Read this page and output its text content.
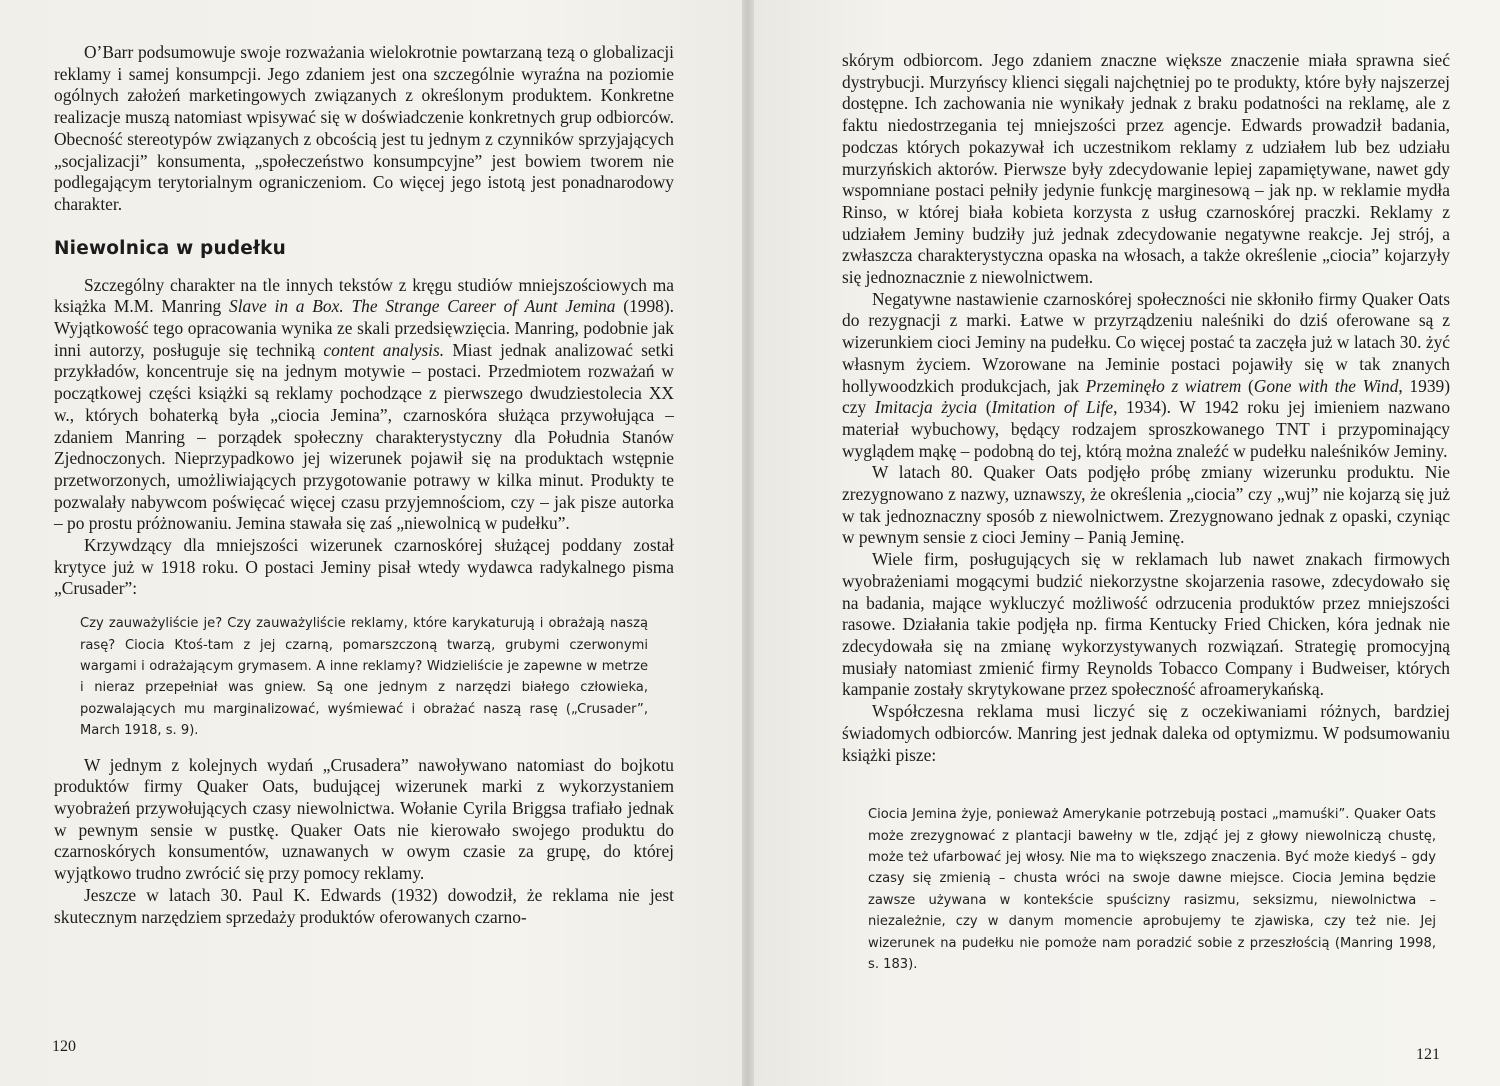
O’Barr podsumowuje swoje rozważania wielokrotnie powtarzaną tezą o globalizacji reklamy i samej konsumpcji. Jego zdaniem jest ona szczególnie wyraźna na poziomie ogólnych założeń marketingowych związanych z określonym produktem. Konkretne realizacje muszą natomiast wpisywać się w doświadczenie konkretnych grup odbiorców. Obecność stereotypów związanych z obcością jest tu jednym z czynników sprzyjających „socjalizacji” konsumenta, „społeczeństwo konsumpcyjne” jest bowiem tworem nie podlegającym terytorialnym ograniczeniom. Co więcej jego istotą jest ponadnarodowy charakter.

Niewolnica w pudełku

Szczególny charakter na tle innych tekstów z kręgu studiów mniejszościowych ma książka M.M. Manring Slave in a Box. The Strange Career of Aunt Jemina (1998). Wyjątkowość tego opracowania wynika ze skali przedsięwzięcia. Manring, podobnie jak inni autorzy, posługuje się techniką content analysis. Miast jednak analizować setki przykładów, koncentruje się na jednym motywie – postaci. Przedmiotem rozważań w początkowej części książki są reklamy pochodzące z pierwszego dwudziestolecia XX w., których bohaterką była „ciocia Jemina”, czarnoskóra służąca przywołująca – zdaniem Manring – porządek społeczny charakterystyczny dla Południa Stanów Zjednoczonych. Nieprzypadkowo jej wizerunek pojawił się na produktach wstępnie przetworzonych, umożliwiających przygotowanie potrawy w kilka minut. Produkty te pozwalały nabywcom poświęcać więcej czasu przyjemnościom, czy – jak pisze autorka – po prostu próżnowaniu. Jemina stawała się zaś „niewolnicą w pudełku”.

Krzywdzący dla mniejszości wizerunek czarnoskórej służącej poddany został krytyce już w 1918 roku. O postaci Jeminy pisał wtedy wydawca radykalnego pisma „Crusader”:

Czy zauważyliście je? Czy zauważyliście reklamy, które karykaturują i obrażają naszą rasę? Ciocia Ktoś-tam z jej czarną, pomarszczoną twarzą, grubymi czerwonymi wargami i odrażającym grymasem. A inne reklamy? Widzieliście je zapewne w metrze i nieraz przepełniał was gniew. Są one jednym z narzędzi białego człowieka, pozwalających mu marginalizować, wyśmiewać i obrażać naszą rasę („Crusader”, March 1918, s. 9).

W jednym z kolejnych wydań „Crusadera” nawoływano natomiast do bojkotu produktów firmy Quaker Oats, budującej wizerunek marki z wykorzystaniem wyobrażeń przywołujących czasy niewolnictwa. Wołanie Cyrila Briggsa trafiało jednak w pewnym sensie w pustkę. Quaker Oats nie kierowało swojego produktu do czarnoskórych konsumentów, uznawanych w owym czasie za grupę, do której wyjątkowo trudno zwrócić się przy pomocy reklamy.

Jeszcze w latach 30. Paul K. Edwards (1932) dowodził, że reklama nie jest skutecznym narzędziem sprzedaży produktów oferowanych czarno-

120

skórym odbiorcom. Jego zdaniem znaczne większe znaczenie miała sprawna sieć dystrybucji. Murzyńscy klienci sięgali najchętniej po te produkty, które były najszerzej dostępne. Ich zachowania nie wynikały jednak z braku podatności na reklamę, ale z faktu niedostrzegania tej mniejszości przez agencje. Edwards prowadził badania, podczas których pokazywał ich uczestnikom reklamy z udziałem lub bez udziału murzyńskich aktorów. Pierwsze były zdecydowanie lepiej zapamiętywane, nawet gdy wspomniane postaci pełniły jedynie funkcję marginesową – jak np. w reklamie mydła Rinso, w której biała kobieta korzysta z usług czarnoskórej praczki. Reklamy z udziałem Jeminy budziły już jednak zdecydowanie negatywne reakcje. Jej strój, a zwłaszcza charakterystyczna opaska na włosach, a także określenie „ciocia” kojarzyły się jednoznacznie z niewolnictwem.

Negatywne nastawienie czarnoskórej społeczności nie skłoniło firmy Quaker Oats do rezygnacji z marki. Łatwe w przyrządzeniu naleśniki do dziś oferowane są z wizerunkiem cioci Jeminy na pudełku. Co więcej postać ta zaczęła już w latach 30. żyć własnym życiem. Wzorowane na Jeminie postaci pojawiły się w tak znanych hollywoodzkich produkcjach, jak Przeminęło z wiatrem (Gone with the Wind, 1939) czy Imitacja życia (Imitation of Life, 1934). W 1942 roku jej imieniem nazwano materiał wybuchowy, będący rodzajem sproszkowanego TNT i przypominający wyglądem mąkę – podobną do tej, którą można znaleźć w pudełku naleśników Jeminy.

W latach 80. Quaker Oats podjęło próbę zmiany wizerunku produktu. Nie zrezygnowano z nazwy, uznawszy, że określenia „ciocia” czy „wuj” nie kojarzą się już w tak jednoznaczny sposób z niewolnictwem. Zrezygnowano jednak z opaski, czyniąc w pewnym sensie z cioci Jeminy – Panią Jeminę.

Wiele firm, posługujących się w reklamach lub nawet znakach firmowych wyobrażeniami mogącymi budzić niekorzystne skojarzenia rasowe, zdecydowało się na badania, mające wykluczyć możliwość odrzucenia produktów przez mniejszości rasowe. Działania takie podjęła np. firma Kentucky Fried Chicken, kóra jednak nie zdecydowała się na zmianę wykorzystywanych rozwiązań. Strategię promocyjną musiały natomiast zmienić firmy Reynolds Tobacco Company i Budweiser, których kampanie zostały skrytykowane przez społeczność afroamerykańską.

Współczesna reklama musi liczyć się z oczekiwaniami różnych, bardziej świadomych odbiorców. Manring jest jednak daleka od optymizmu. W podsumowaniu książki pisze:

Ciocia Jemina żyje, ponieważ Amerykanie potrzebują postaci „mamuśki”. Quaker Oats może zrezygnować z plantacji bawełny w tle, zdjąć jej z głowy niewolniczą chustę, może też ufarbować jej włosy. Nie ma to większego znaczenia. Być może kiedyś – gdy czasy się zmienią – chusta wróci na swoje dawne miejsce. Ciocia Jemina będzie zawsze używana w kontekście spuścizny rasizmu, seksizmu, niewolnictwa – niezależnie, czy w danym momencie aprobujemy te zjawiska, czy też nie. Jej wizerunek na pudełku nie pomoże nam poradzić sobie z przeszłością (Manring 1998, s. 183).

121
